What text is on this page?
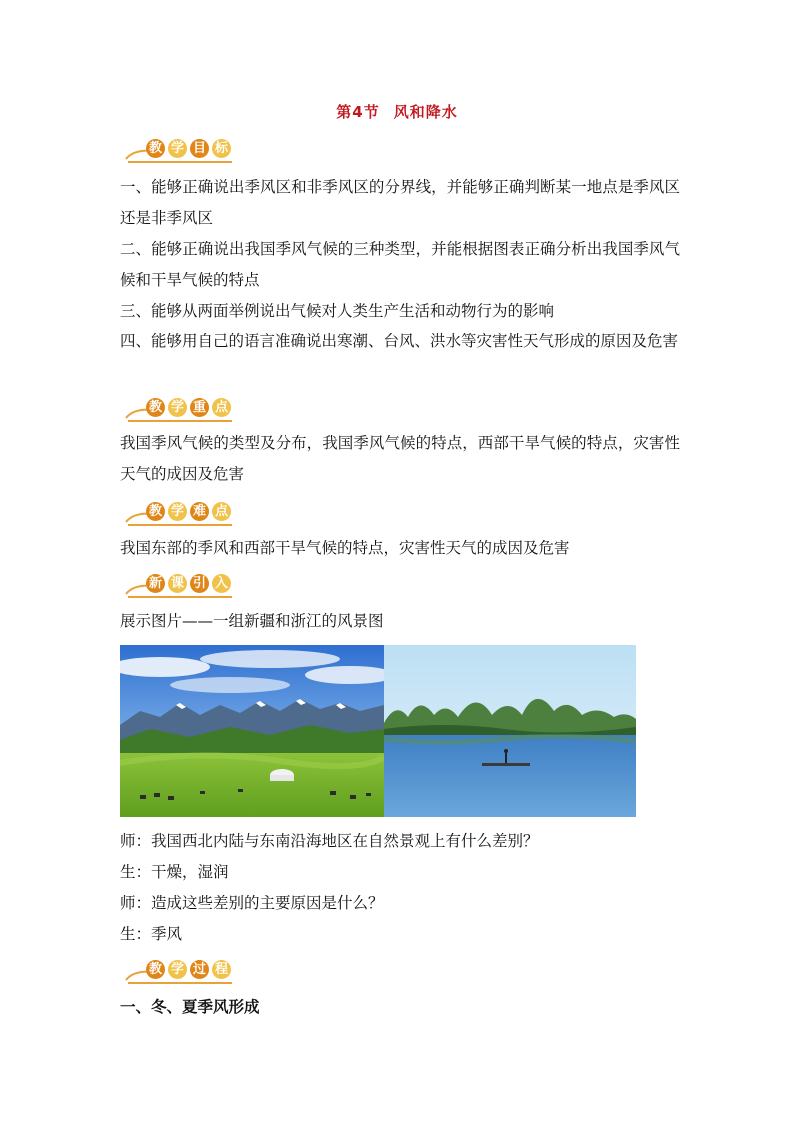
第4节 风和降水
教 学 目 标

一、能够正确说出季风区和非季风区的分界线，并能够正确判断某一地点是季风区还是非季风区

二、能够正确说出我国季风气候的三种类型，并能根据图表正确分析出我国季风气候和干旱气候的特点

三、能够从两面举例说出气候对人类生产生活和动物行为的影响

四、能够用自己的语言准确说出寒潮、台风、洪水等灾害性天气形成的原因及危害

教 学 重 点

我国季风气候的类型及分布，我国季风气候的特点，西部干旱气候的特点，灾害性天气的成因及危害

教 学 难 点

我国东部的季风和西部干旱气候的特点，灾害性天气的成因及危害

新 课 引 入

展示图片——一组新疆和浙江的风景图

师：我国西北内陆与东南沿海地区在自然景观上有什么差别？

生：干燥，湿润

师：造成这些差别的主要原因是什么？

生：季风

教 学 过 程

一、冬、夏季风形成
